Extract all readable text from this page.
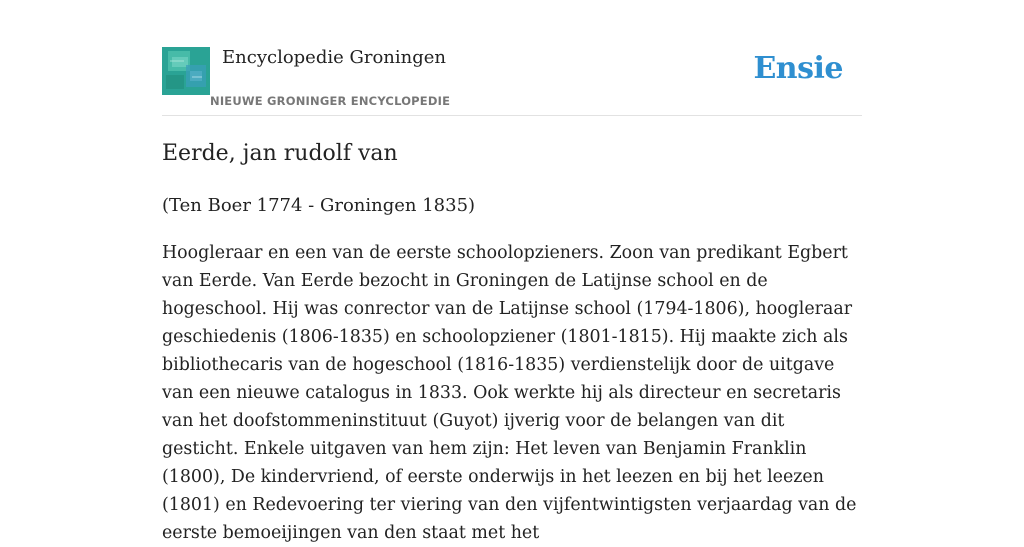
Encyclopedie Groningen
NIEUWE GRONINGER ENCYCLOPEDIE
Ensie
Eerde, jan rudolf van

(Ten Boer 1774 - Groningen 1835)

Hoogleraar en een van de eerste schoolopzieners. Zoon van predikant Egbert van Eerde. Van Eerde bezocht in Groningen de Latijnse school en de hogeschool. Hij was conrector van de Latijnse school (1794-1806), hoogleraar geschiedenis (1806-1835) en schoolopziener (1801-1815). Hij maakte zich als bibliothecaris van de hogeschool (1816-1835) verdienstelijk door de uitgave van een nieuwe catalogus in 1833. Ook werkte hij als directeur en secretaris van het doofstommeninstituut (Guyot) ijverig voor de belangen van dit gesticht. Enkele uitgaven van hem zijn: Het leven van Benjamin Franklin (1800), De kindervriend, of eerste onderwijs in het leezen en bij het leezen (1801) en Redevoering ter viering van den vijfentwintigsten verjaardag van de eerste bemoeijingen van den staat met het
